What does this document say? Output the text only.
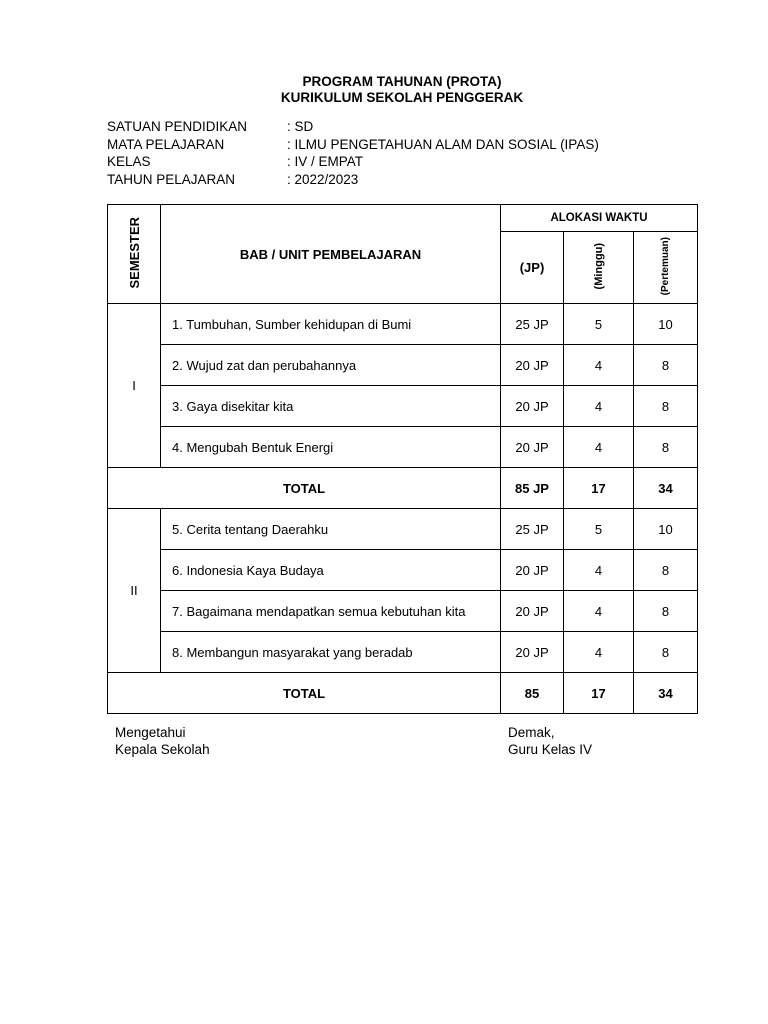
PROGRAM TAHUNAN (PROTA)
KURIKULUM SEKOLAH PENGGERAK
SATUAN PENDIDIKAN	: SD
MATA PELAJARAN	: ILMU PENGETAHUAN ALAM DAN SOSIAL (IPAS)
KELAS	: IV / EMPAT
TAHUN PELAJARAN	: 2022/2023
SEMESTER	BAB / UNIT PEMBELAJARAN	ALOKASI WAKTU		
		(JP)	(Minggu)	(Pertemuan)
I	1. Tumbuhan, Sumber kehidupan di Bumi	25 JP	5	10
	2. Wujud zat dan perubahannya	20 JP	4	8
	3. Gaya disekitar kita	20 JP	4	8
	4. Mengubah Bentuk Energi	20 JP	4	8
TOTAL		85 JP	17	34
II	5. Cerita tentang Daerahku	25 JP	5	10
	6. Indonesia Kaya Budaya	20 JP	4	8
	7. Bagaimana mendapatkan semua kebutuhan kita	20 JP	4	8
	8. Membangun masyarakat yang beradab	20 JP	4	8
TOTAL		85	17	34
Mengetahui
Kepala Sekolah
Demak,
Guru Kelas IV
